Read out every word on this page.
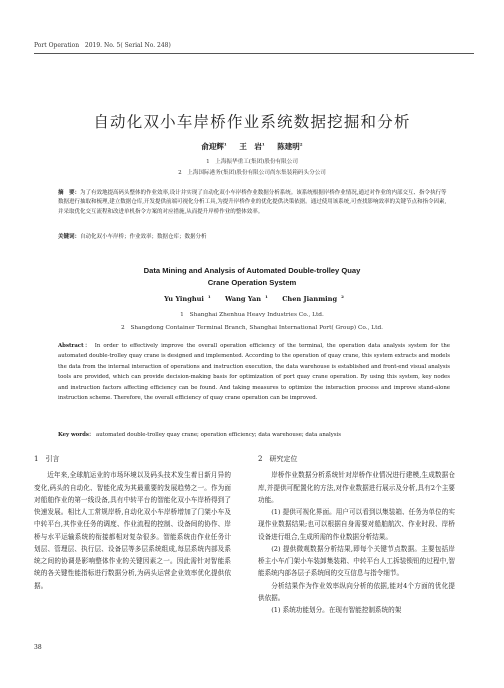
Port Operation 2019. No. 5( Serial No. 248)
自动化双小车岸桥作业系统数据挖掘和分析
俞迎辉$^1$ 王　岩$^1$ 陈建明$^2$
1　上海振华重工(集团)股份有限公司
2　上海国际港务(集团)股份有限公司尚东集装箱码头分公司
摘　要：为了有效地提高码头整体的作业效率,设计并实现了自动化双小车岸桥作业数据分析系统。该系统根据岸桥作业情况,通过对作业的内部交互、指令执行等数据进行抽取和梳理,建立数据仓库,开发提供前端可视化分析工具,为提升岸桥作业的优化提供决策依据。通过使用该系统,可查找影响效率的关键节点和指令因素,并采取优化交互流程和改进单机指令方案的对应措施,从而提升岸桥作业的整体效率。
关键词：自动化双小车岸桥；作业效率；数据仓库；数据分析
Data Mining and Analysis of Automated Double-trolley Quay
Crane Operation System
Yu Yinghui $^1$ Wang Yan $^1$ Chen Jianming $^2$
1　Shanghai Zhenhua Heavy Industries Co., Ltd.
2　Shangdong Container Terminal Branch, Shanghai International Port( Group) Co., Ltd.
Abstract： In order to effectively improve the overall operation efficiency of the terminal, the operation data analysis system for the automated double-trolley quay crane is designed and implemented. According to the operation of quay crane, this system extracts and models the data from the internal interaction of operations and instruction execution, the data warehouse is established and front-end visual analysis tools are provided, which can provide decision-making basis for optimization of port quay crane operation. By using this system, key nodes and instruction factors affecting efficiency can be found. And taking measures to optimize the interaction process and improve stand-alone instruction scheme. Therefore, the overall efficiency of quay crane operation can be improved.
Key words： automated double-trolley quay crane; operation efficiency; data warehouse; data analysis
1　引言

近年来,全球航运业的市场环境以及码头技术发生着日新月异的变化,码头的自动化、智能化成为其最重要的发展趋势之一。作为面对船舶作业的第一线设备,具有中转平台的智能化双小车岸桥得到了快速发展。相比人工常规岸桥,自动化双小车岸桥增加了门架小车及中转平台,其作业任务的调度、作业流程的控制、设备间的协作、岸桥与水平运输系统的衔接都相对复杂很多。智能系统由作业任务计划层、管理层、执行层、设备层等多层系统组成,每层系统内部及系统之间的协调是影响整体作业的关键因素之一。因此需针对智能系统的各关键性能指标进行数据分析,为码头运营企业效率优化提供依据。

2　研究定位

岸桥作业数据分析系统针对岸桥作业情况进行建模,生成数据仓库,并提供可配置化的方法,对作业数据进行展示及分析,具有2个主要功能。

(1) 提供可视化界面。用户可以看到以集装箱、任务为单位的实现作业数据结果;也可以根据自身需要对船舶航次、作业时段、岸桥设备进行组合,生成所需的作业数据分析结果。

(2) 提供微观数据分析结果,即每个关键节点数据。主要包括岸桥主小车/门架小车装卸集装箱、中转平台人工拆装锁钮的过程中,智能系统内部各层子系统间的交互信息与指令细节。

分析结果作为作业效率纵向分析的依据,能对4个方面的优化提供依据。

(1) 系统功能划分。在现有智能控制系统的架

38
